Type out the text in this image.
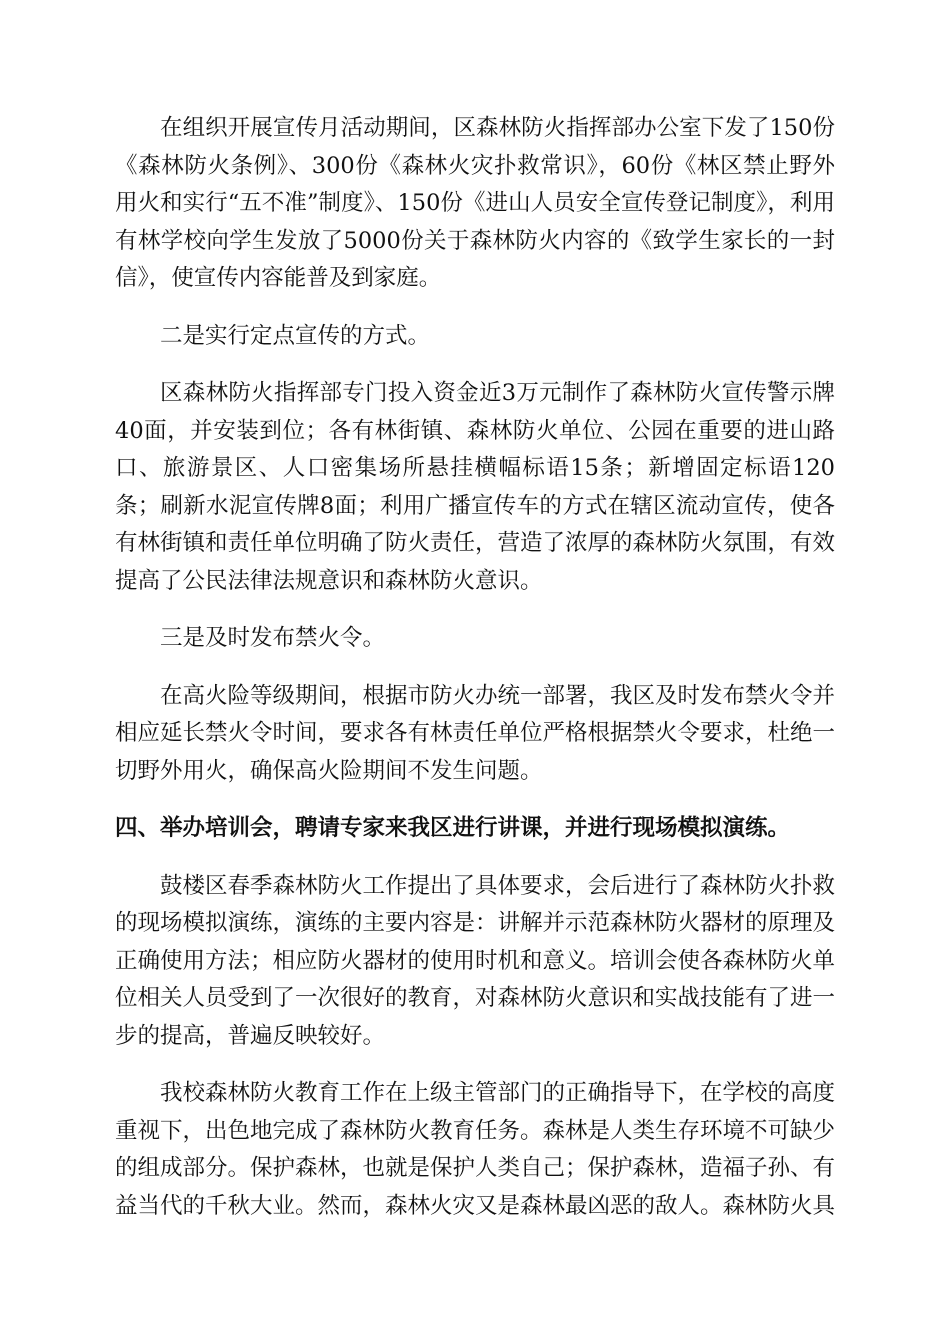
在组织开展宣传月活动期间，区森林防火指挥部办公室下发了150份《森林防火条例》、300份《森林火灾扑救常识》，60份《林区禁止野外用火和实行“五不准”制度》、150份《进山人员安全宣传登记制度》，利用有林学校向学生发放了5000份关于森林防火内容的《致学生家长的一封信》，使宣传内容能普及到家庭。

二是实行定点宣传的方式。

区森林防火指挥部专门投入资金近3万元制作了森林防火宣传警示牌40面，并安装到位；各有林街镇、森林防火单位、公园在重要的进山路口、旅游景区、人口密集场所悬挂横幅标语15条；新增固定标语120条；刷新水泥宣传牌8面；利用广播宣传车的方式在辖区流动宣传，使各有林街镇和责任单位明确了防火责任，营造了浓厚的森林防火氛围，有效提高了公民法律法规意识和森林防火意识。

三是及时发布禁火令。

在高火险等级期间，根据市防火办统一部署，我区及时发布禁火令并相应延长禁火令时间，要求各有林责任单位严格根据禁火令要求，杜绝一切野外用火，确保高火险期间不发生问题。

四、举办培训会，聘请专家来我区进行讲课，并进行现场模拟演练。

鼓楼区春季森林防火工作提出了具体要求，会后进行了森林防火扑救的现场模拟演练，演练的主要内容是：讲解并示范森林防火器材的原理及正确使用方法；相应防火器材的使用时机和意义。培训会使各森林防火单位相关人员受到了一次很好的教育，对森林防火意识和实战技能有了进一步的提高，普遍反映较好。

我校森林防火教育工作在上级主管部门的正确指导下，在学校的高度重视下，出色地完成了森林防火教育任务。森林是人类生存环境不可缺少的组成部分。保护森林，也就是保护人类自己；保护森林，造福子孙、有益当代的千秋大业。然而，森林火灾又是森林最凶恶的敌人。森林防火具
